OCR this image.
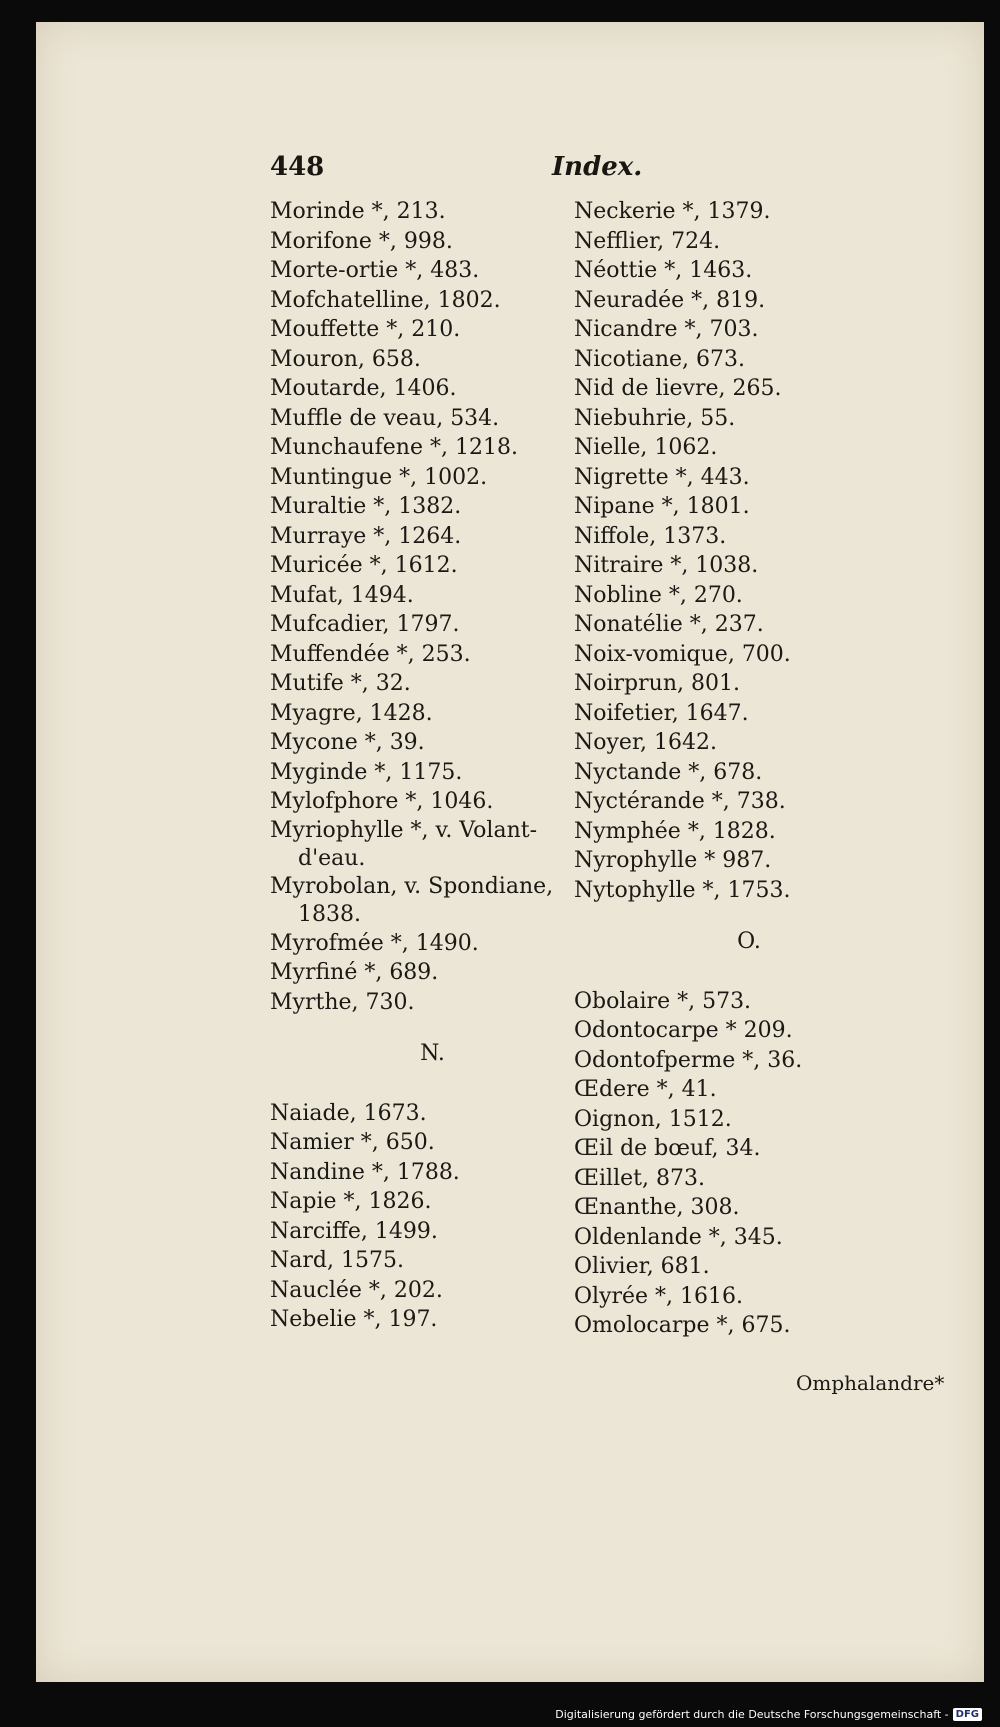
448	Index.
Morinde *, 213.
Morifone *, 998.
Morte-ortie *, 483.
Mofchatelline, 1802.
Mouffette *, 210.
Mouron, 658.
Moutarde, 1406.
Muffle de veau, 534.
Munchaufene *, 1218.
Muntingue *, 1002.
Muraltie *, 1382.
Murraye *, 1264.
Muricée *, 1612.
Mufat, 1494.
Mufcadier, 1797.
Muffendée *, 253.
Mutife *, 32.
Myagre, 1428.
Mycone *, 39.
Myginde *, 1175.
Mylofphore *, 1046.
Myriophylle *, v. Volant-
d'eau.
Myrobolan, v. Spondiane,
1838.
Myrofmée *, 1490.
Myrfiné *, 689.
Myrthe, 730.
N.
Naiade, 1673.
Namier *, 650.
Nandine *, 1788.
Napie *, 1826.
Narciffe, 1499.
Nard, 1575.
Nauclée *, 202.
Nebelie *, 197.
Neckerie *, 1379.
Nefflier, 724.
Néottie *, 1463.
Neuradée *, 819.
Nicandre *, 703.
Nicotiane, 673.
Nid de lievre, 265.
Niebuhrie, 55.
Nielle, 1062.
Nigrette *, 443.
Nipane *, 1801.
Niffole, 1373.
Nitraire *, 1038.
Nobline *, 270.
Nonatélie *, 237.
Noix-vomique, 700.
Noirprun, 801.
Noifetier, 1647.
Noyer, 1642.
Nyctande *, 678.
Nyctérande *, 738.
Nymphée *, 1828.
Nyrophylle * 987.
Nytophylle *, 1753.
O.
Obolaire *, 573.
Odontocarpe * 209.
Odontofperme *, 36.
Œdere *, 41.
Oignon, 1512.
Œil de bœuf, 34.
Œillet, 873.
Œnanthe, 308.
Oldenlande *, 345.
Olivier, 681.
Olyrée *, 1616.
Omolocarpe *, 675.
Omphalandre*
Digitalisierung gefördert durch die Deutsche Forschungsgemeinschaft - DFG
